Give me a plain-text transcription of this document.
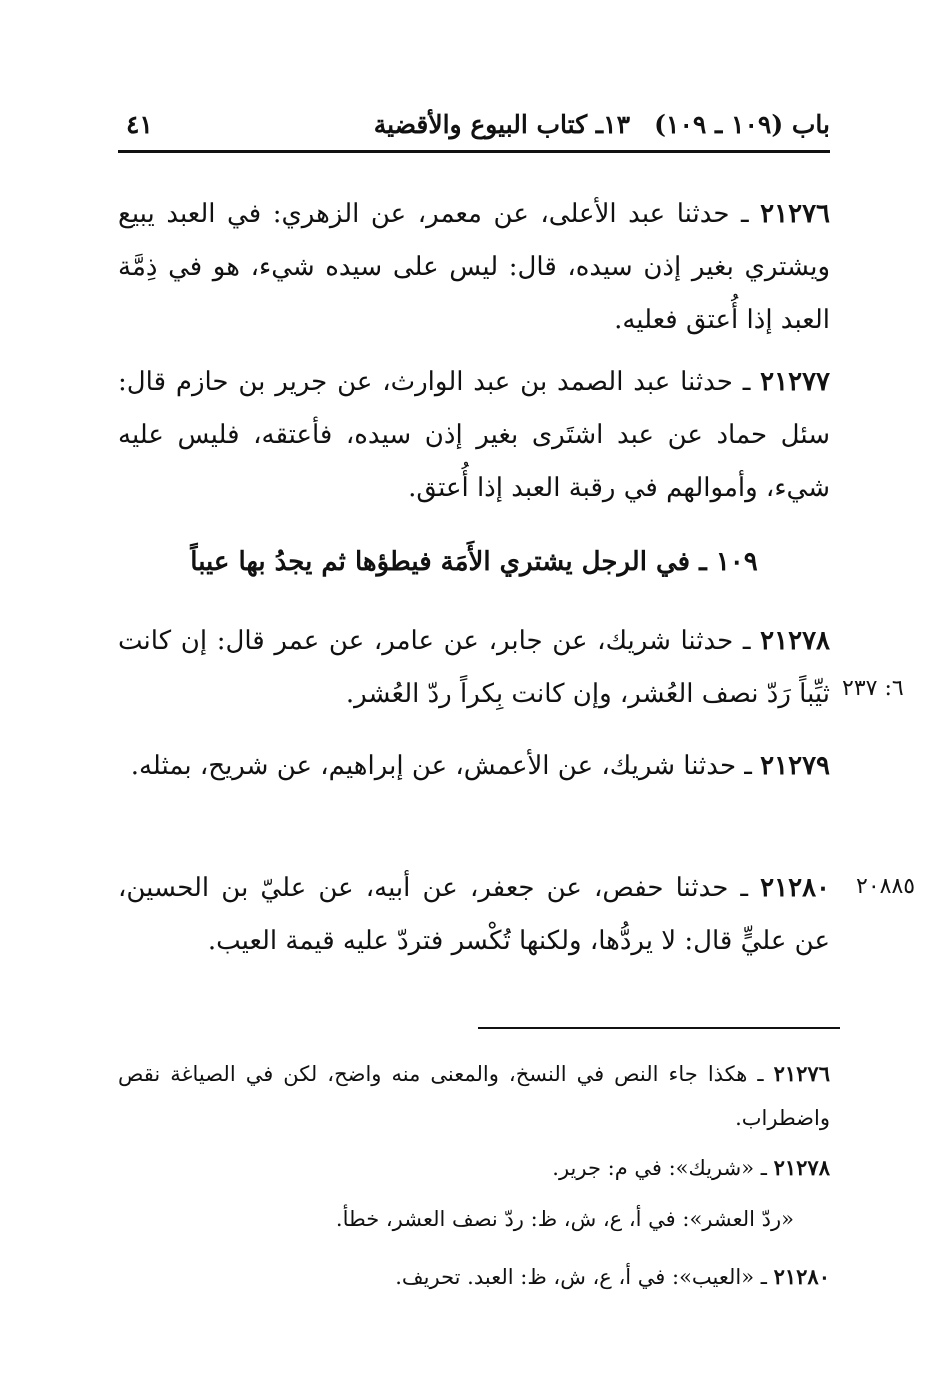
باب (١٠٩ ـ ١٠٩)
١٣ـ كتاب البيوع والأقضية
٤١
٢١٢٧٦ ـ حدثنا عبد الأعلى، عن معمر، عن الزهري: في العبد يبيع ويشتري بغير إذن سيده، قال: ليس على سيده شيء، هو في ذِمَّة العبد إذا أُعتق فعليه.
٢١٢٧٧ ـ حدثنا عبد الصمد بن عبد الوارث، عن جرير بن حازم قال: سئل حماد عن عبد اشتَرى بغير إذن سيده، فأعتقه، فليس عليه شيء، وأموالهم في رقبة العبد إذا أُعتق.
١٠٩ ـ في الرجل يشتري الأَمَة فيطؤها ثم يجدُ بها عيباً
٢١٢٧٨ ـ حدثنا شريك، عن جابر، عن عامر، عن عمر قال: إن كانت ثيِّباً رَدّ نصف العُشر، وإن كانت بِكراً ردّ العُشر. ٦: ٢٣٧
٢١٢٧٩ ـ حدثنا شريك، عن الأعمش، عن إبراهيم، عن شريح، بمثله.
٢١٢٨٠ ـ حدثنا حفص، عن جعفر، عن أبيه، عن عليّ بن الحسين، عن عليٍّ قال: لا يردُّها، ولكنها تُكْسر فتردّ عليه قيمة العيب.
٢٠٨٨٥
٢١٢٧٦ ـ هكذا جاء النص في النسخ، والمعنى منه واضح، لكن في الصياغة نقص واضطراب.
٢١٢٧٨ ـ «شريك»: في م: جرير.
«ردّ العشر»: في أ، ع، ش، ظ: ردّ نصف العشر، خطأ.
٢١٢٨٠ ـ «العيب»: في أ، ع، ش، ظ: العبد. تحريف.
